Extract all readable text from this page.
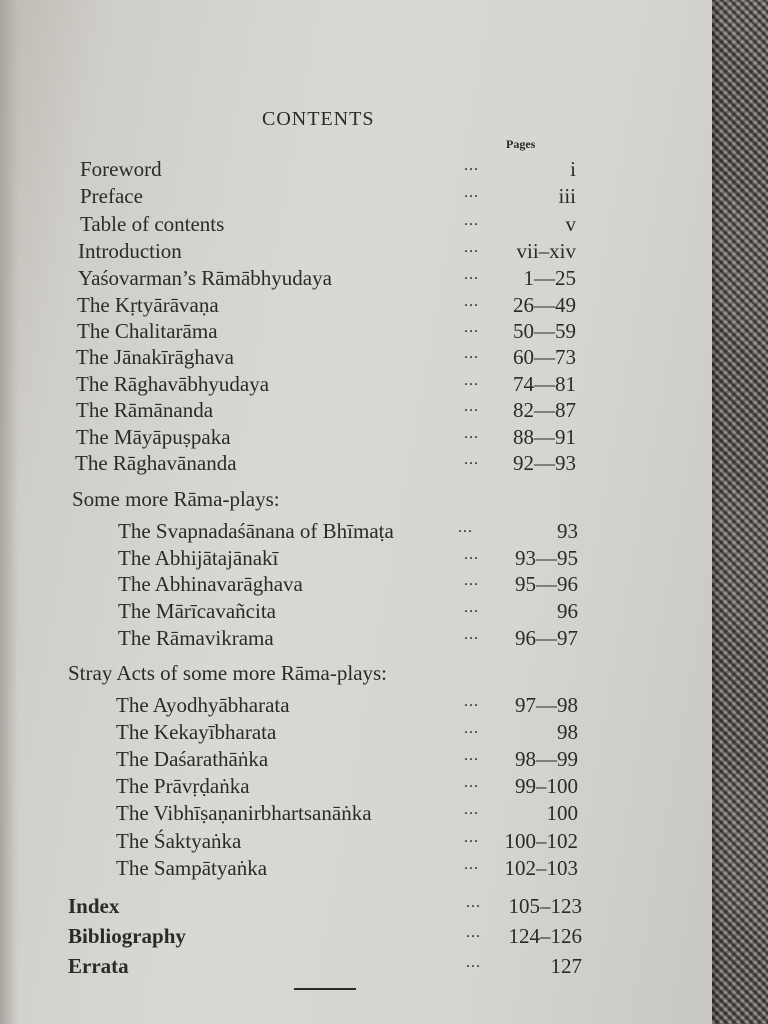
CONTENTS
Pages
Foreword	...	i
Preface	...	iii
Table of contents	...	v
Introduction	...	vii–xiv
Yaśovarman’s Rāmābhyudaya	...	1—25
The Kṛtyārāvaṇa	...	26—49
The Chalitarāma	...	50—59
The Jānakīrāghava	...	60—73
The Rāghavābhyudaya	...	74—81
The Rāmānanda	...	82—87
The Māyāpuṣpaka	...	88—91
The Rāghavānanda	...	92—93
Some more Rāma-plays:
The Svapnadaśānana of Bhīmaṭa	...	93
The Abhijātajānakī	...	93—95
The Abhinavarāghava	...	95—96
The Mārīcavañcita	...	96
The Rāmavikrama	...	96—97
Stray Acts of some more Rāma-plays:
The Ayodhyābharata	...	97—98
The Kekayībharata	...	98
The Daśarathāṅka	...	98—99
The Prāvṛḍaṅka	...	99–100
The Vibhīṣaṇanirbhartsanāṅka	...	100
The Śaktyaṅka	...	100–102
The Sampātyaṅka	...	102–103
Index	...	105–123
Bibliography	...	124–126
Errata	...	127
